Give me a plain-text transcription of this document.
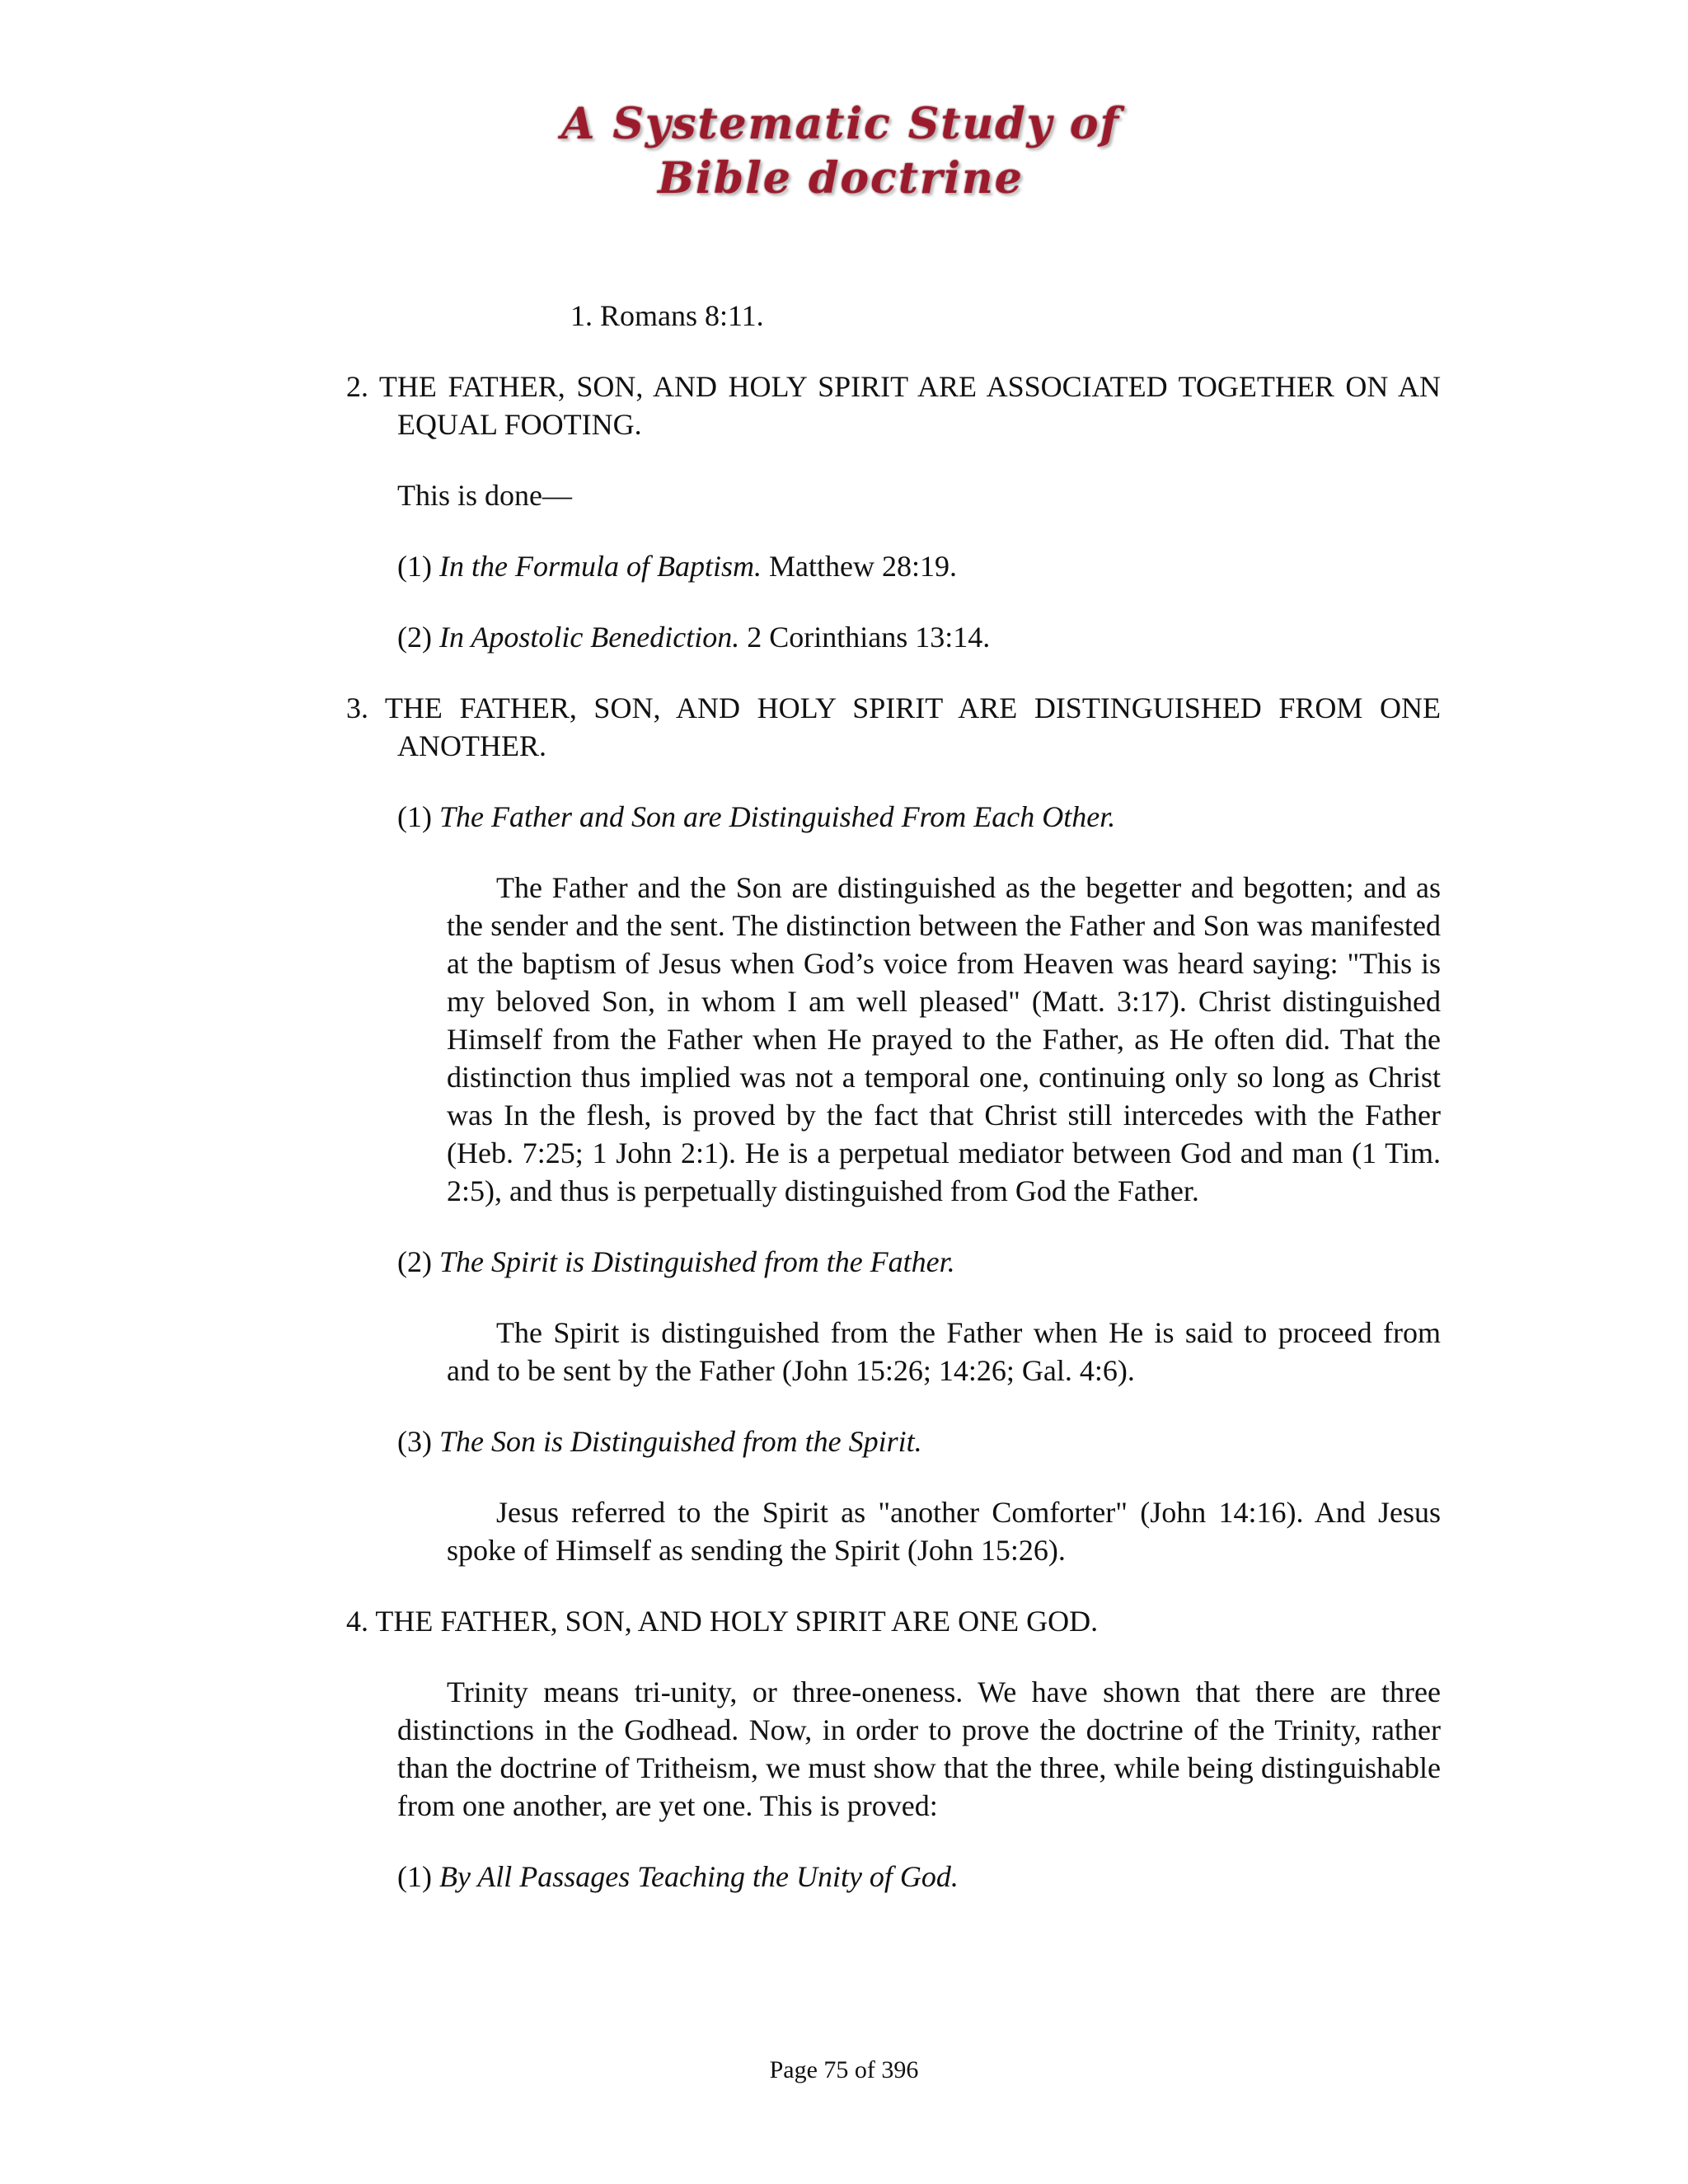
A Systematic Study of
Bible doctrine

1. Romans 8:11.

2. THE FATHER, SON, AND HOLY SPIRIT ARE ASSOCIATED TOGETHER ON AN EQUAL FOOTING.

This is done—

(1) In the Formula of Baptism. Matthew 28:19.

(2) In Apostolic Benediction. 2 Corinthians 13:14.

3. THE FATHER, SON, AND HOLY SPIRIT ARE DISTINGUISHED FROM ONE ANOTHER.

(1) The Father and Son are Distinguished From Each Other.

The Father and the Son are distinguished as the begetter and begotten; and as the sender and the sent. The distinction between the Father and Son was manifested at the baptism of Jesus when God’s voice from Heaven was heard saying: "This is my beloved Son, in whom I am well pleased" (Matt. 3:17). Christ distinguished Himself from the Father when He prayed to the Father, as He often did. That the distinction thus implied was not a temporal one, continuing only so long as Christ was In the flesh, is proved by the fact that Christ still intercedes with the Father (Heb. 7:25; 1 John 2:1). He is a perpetual mediator between God and man (1 Tim. 2:5), and thus is perpetually distinguished from God the Father.

(2) The Spirit is Distinguished from the Father.

The Spirit is distinguished from the Father when He is said to proceed from and to be sent by the Father (John 15:26; 14:26; Gal. 4:6).

(3) The Son is Distinguished from the Spirit.

Jesus referred to the Spirit as "another Comforter" (John 14:16). And Jesus spoke of Himself as sending the Spirit (John 15:26).

4. THE FATHER, SON, AND HOLY SPIRIT ARE ONE GOD.

Trinity means tri-unity, or three-oneness. We have shown that there are three distinctions in the Godhead. Now, in order to prove the doctrine of the Trinity, rather than the doctrine of Tritheism, we must show that the three, while being distinguishable from one another, are yet one. This is proved:

(1) By All Passages Teaching the Unity of God.

Page 75 of 396
